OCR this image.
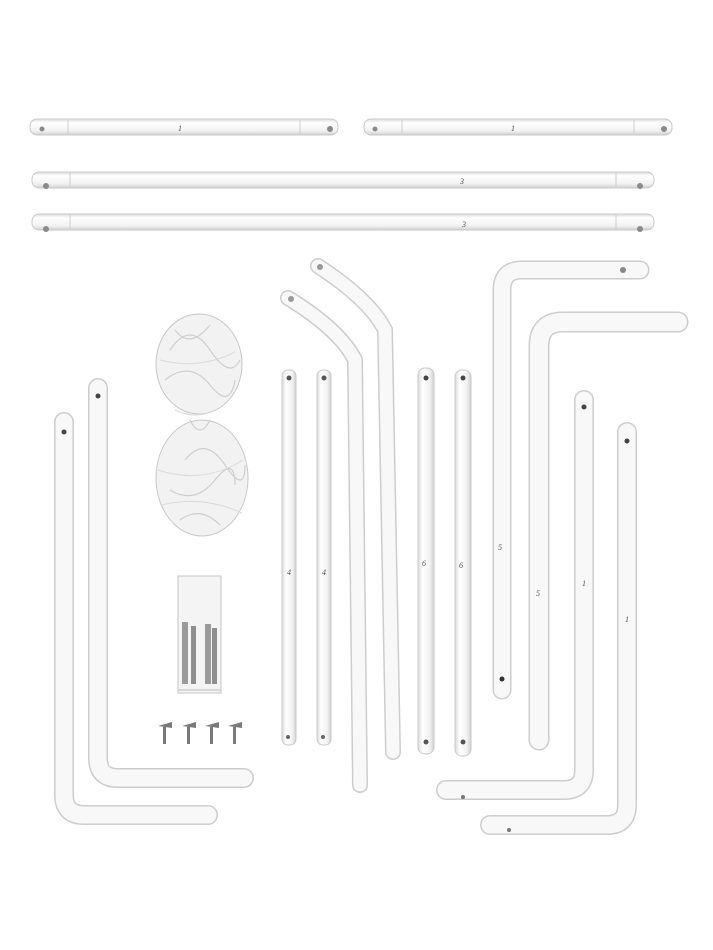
1	1
3
3
4	4
6	6
5
5
1
1
